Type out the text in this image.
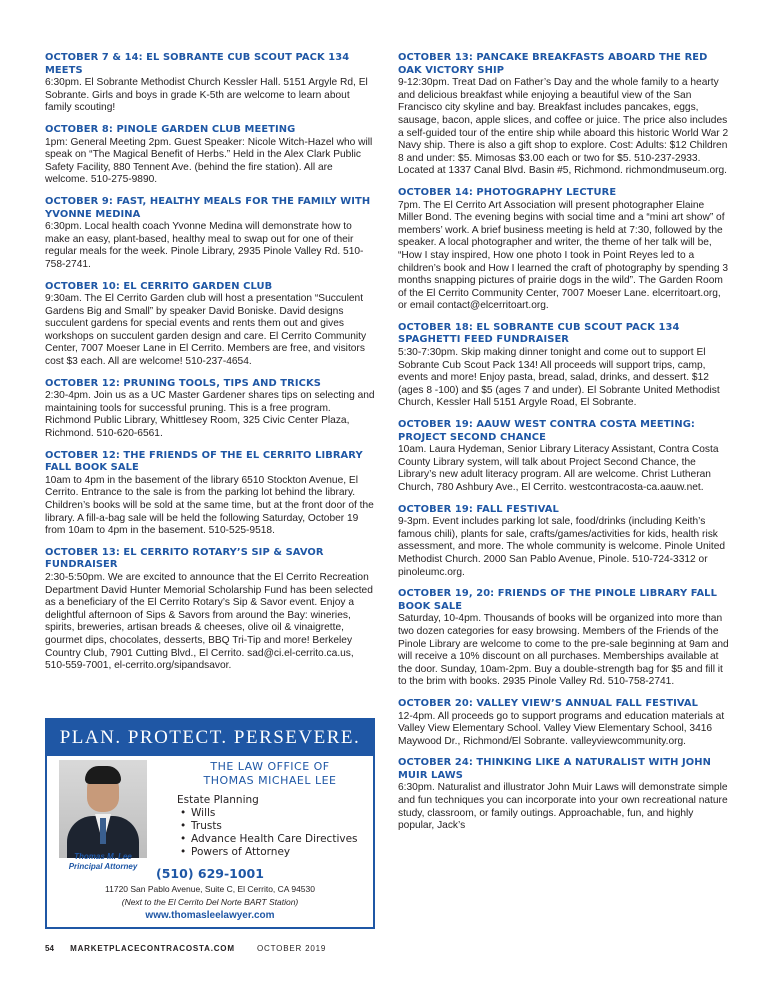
OCTOBER 7 & 14: EL SOBRANTE CUB SCOUT PACK 134 MEETS

6:30pm. El Sobrante Methodist Church Kessler Hall. 5151 Argyle Rd, El Sobrante. Girls and boys in grade K-5th are welcome to learn about family scouting!

OCTOBER 8: PINOLE GARDEN CLUB MEETING

1pm: General Meeting 2pm. Guest Speaker: Nicole Witch-Hazel who will speak on “The Magical Benefit of Herbs.” Held in the Alex Clark Public Safety Facility, 880 Tennent Ave. (behind the fire station). All are welcome. 510-275-9890.

OCTOBER 9: FAST, HEALTHY MEALS FOR THE FAMILY WITH YVONNE MEDINA

6:30pm. Local health coach Yvonne Medina will demonstrate how to make an easy, plant-based, healthy meal to swap out for one of their regular meals for the week. Pinole Library, 2935 Pinole Valley Rd. 510-758-2741.

OCTOBER 10: EL CERRITO GARDEN CLUB

9:30am. The El Cerrito Garden club will host a presentation “Succulent Gardens Big and Small” by speaker David Boniske. David designs succulent gardens for special events and rents them out and gives workshops on succulent garden design and care. El Cerrito Community Center, 7007 Moeser Lane in El Cerrito. Members are free, and visitors cost $3 each. All are welcome! 510-237-4654.

OCTOBER 12: PRUNING TOOLS, TIPS AND TRICKS

2:30-4pm. Join us as a UC Master Gardener shares tips on selecting and maintaining tools for successful pruning. This is a free program. Richmond Public Library, Whittlesey Room, 325 Civic Center Plaza, Richmond. 510-620-6561.

OCTOBER 12: THE FRIENDS OF THE EL CERRITO LIBRARY FALL BOOK SALE

10am to 4pm in the basement of the library 6510 Stockton Avenue, El Cerrito. Entrance to the sale is from the parking lot behind the library. Children’s books will be sold at the same time, but at the front door of the library. A fill-a-bag sale will be held the following Saturday, October 19 from 10am to 4pm in the basement. 510-525-9518.

OCTOBER 13: EL CERRITO ROTARY’S SIP & SAVOR FUNDRAISER

2:30-5:50pm. We are excited to announce that the El Cerrito Recreation Department David Hunter Memorial Scholarship Fund has been selected as a beneficiary of the El Cerrito Rotary’s Sip & Savor event. Enjoy a delightful afternoon of Sips & Savors from around the Bay: wineries, spirits, breweries, artisan breads & cheeses, olive oil & vinaigrette, gourmet dips, chocolates, desserts, BBQ Tri-Tip and more! Berkeley Country Club, 7901 Cutting Blvd., El Cerrito. sad@ci.el-cerrito.ca.us, 510-559-7001, el-cerrito.org/sipandsavor.

PLAN. PROTECT. PERSEVERE.
Thomas M. Lee
Principal Attorney
THE LAW OFFICE OF
THOMAS MICHAEL LEE
Estate Planning
• Wills
• Trusts
• Advance Health Care Directives
• Powers of Attorney
(510) 629-1001
11720 San Pablo Avenue, Suite C, El Cerrito, CA 94530
(Next to the El Cerrito Del Norte BART Station)
www.thomasleelawyer.com
OCTOBER 13: PANCAKE BREAKFASTS ABOARD THE RED OAK VICTORY SHIP

9-12:30pm. Treat Dad on Father’s Day and the whole family to a hearty and delicious breakfast while enjoying a beautiful view of the San Francisco city skyline and bay. Breakfast includes pancakes, eggs, sausage, bacon, apple slices, and coffee or juice. The price also includes a self-guided tour of the entire ship while aboard this historic World War 2 Navy ship. There is also a gift shop to explore. Cost: Adults: $12 Children 8 and under: $5. Mimosas $3.00 each or two for $5. 510-237-2933. Located at 1337 Canal Blvd. Basin #5, Richmond. richmondmuseum.org.

OCTOBER 14: PHOTOGRAPHY LECTURE

7pm. The El Cerrito Art Association will present photographer Elaine Miller Bond. The evening begins with social time and a “mini art show” of members’ work. A brief business meeting is held at 7:30, followed by the speaker. A local photographer and writer, the theme of her talk will be, “How I stay inspired, How one photo I took in Point Reyes led to a children’s book and How I learned the craft of photography by spending 3 months snapping pictures of prairie dogs in the wild”. The Garden Room of the El Cerrito Community Center, 7007 Moeser Lane. elcerritoart.org, or email contact@elcerritoart.org.

OCTOBER 18: EL SOBRANTE CUB SCOUT PACK 134 SPAGHETTI FEED FUNDRAISER

5:30-7:30pm. Skip making dinner tonight and come out to support El Sobrante Cub Scout Pack 134! All proceeds will support trips, camp, events and more! Enjoy pasta, bread, salad, drinks, and dessert. $12 (ages 8 -100) and $5 (ages 7 and under). El Sobrante United Methodist Church, Kessler Hall 5151 Argyle Road, El Sobrante.

OCTOBER 19: AAUW WEST CONTRA COSTA MEETING: PROJECT SECOND CHANCE

10am. Laura Hydeman, Senior Library Literacy Assistant, Contra Costa County Library system, will talk about Project Second Chance, the Library’s new adult literacy program. All are welcome. Christ Lutheran Church, 780 Ashbury Ave., El Cerrito. westcontracosta-ca.aauw.net.

OCTOBER 19: FALL FESTIVAL

9-3pm. Event includes parking lot sale, food/drinks (including Keith’s famous chili), plants for sale, crafts/games/activities for kids, health risk assessment, and more. The whole community is welcome. Pinole United Methodist Church. 2000 San Pablo Avenue, Pinole. 510-724-3312 or pinoleumc.org.

OCTOBER 19, 20: FRIENDS OF THE PINOLE LIBRARY FALL BOOK SALE

Saturday, 10-4pm. Thousands of books will be organized into more than two dozen categories for easy browsing. Members of the Friends of the Pinole Library are welcome to come to the pre-sale beginning at 9am and will receive a 10% discount on all purchases. Memberships available at the door. Sunday, 10am-2pm. Buy a double-strength bag for $5 and fill it to the brim with books. 2935 Pinole Valley Rd. 510-758-2741.

OCTOBER 20: VALLEY VIEW’S ANNUAL FALL FESTIVAL

12-4pm. All proceeds go to support programs and education materials at Valley View Elementary School. Valley View Elementary School, 3416 Maywood Dr., Richmond/El Sobrante. valleyviewcommunity.org.

OCTOBER 24: THINKING LIKE A NATURALIST WITH JOHN MUIR LAWS

6:30pm. Naturalist and illustrator John Muir Laws will demonstrate simple and fun techniques you can incorporate into your own recreational nature study, classroom, or family outings. Approachable, fun, and highly popular, Jack’s

54 MARKETPLACECONTRACOSTA.COM	OCTOBER 2019
